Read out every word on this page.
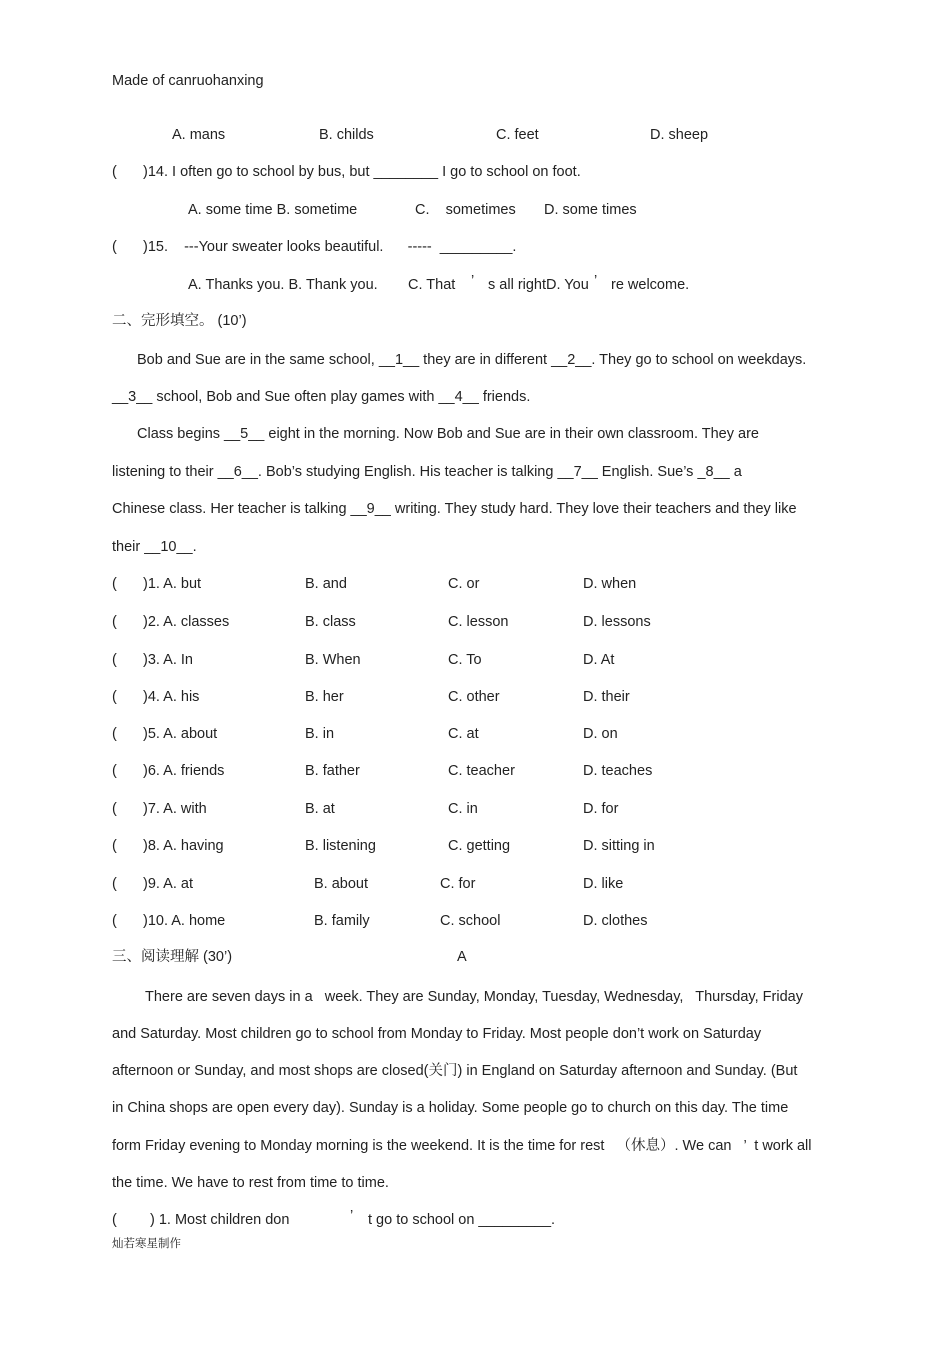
Made of canruohanxing
A. mans	B. childs	C. feet	D. sheep
( )14. I often go to school by bus, but ________ I go to school on foot.
A. some time B. sometime	C.    sometimes D. some times
( )15.    ---Your sweater looks beautiful.      -----  _________.
A. Thanks you. B. Thank you. C. That ’ s all rightD. You ’ re welcome.
二、完形填空。 (10’)
Bob and Sue are in the same school, __1__ they are in different __2__. They go to school on weekdays.
__3__ school, Bob and Sue often play games with __4__ friends.
Class begins __5__ eight in the morning. Now Bob and Sue are in their own classroom. They are
listening to their __6__. Bob’s studying English. His teacher is talking __7__ English. Sue’s _8__ a
Chinese class. Her teacher is talking __9__ writing. They study hard. They love their teachers and they like
their __10__.
( )1. A. but	B. and	C. or	D. when
( )2. A. classes	B. class	C. lesson	D. lessons
( )3. A. In	B. When	C. To	D. At
( )4. A. his	B. her	C. other	D. their
( )5. A. about	B. in	C. at	D. on
( )6. A. friends	B. father	C. teacher	D. teaches
( )7. A. with	B. at	C. in	D. for
( )8. A. having	B. listening	C. getting	D. sitting in
( )9. A. at	B. about	C. for	D. like
( )10. A. home	B. family	C. school	D. clothes
三、阅读理解 (30’)	A
There are seven days in a   week. They are Sunday, Monday, Tuesday, Wednesday,   Thursday, Friday
and Saturday. Most children go to school from Monday to Friday. Most people don’t work on Saturday
afternoon or Sunday, and most shops are closed(关门) in England on Saturday afternoon and Sunday. (But
in China shops are open every day). Sunday is a holiday. Some people go to church on this day. The time
form Friday evening to Monday morning is the weekend. It is the time for rest   （休息）. We can   ’  t work all
the time. We have to rest from time to time.
( ) 1. Most children don	’ t go to school on _________.
灿若寒星制作
